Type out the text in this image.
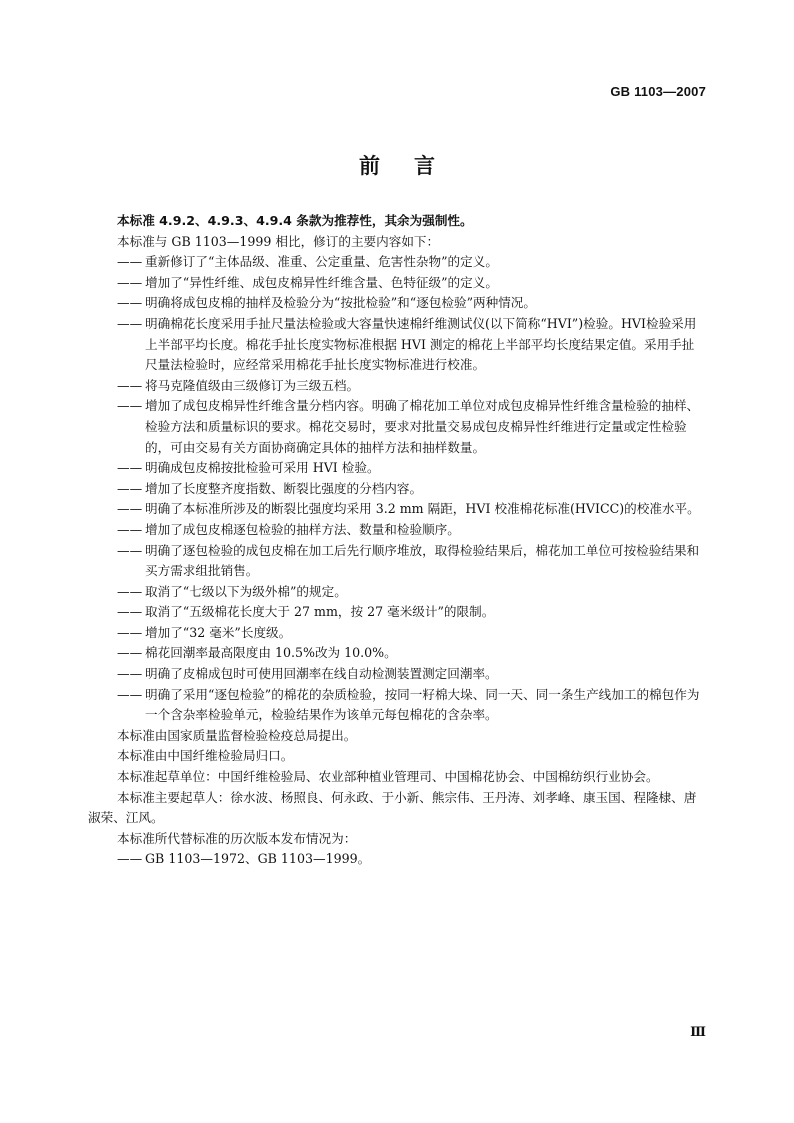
GB 1103—2007
前言

本标准 4.9.2、4.9.3、4.9.4 条款为推荐性，其余为强制性。

本标准与 GB 1103—1999 相比，修订的主要内容如下：

—— 重新修订了“主体品级、准重、公定重量、危害性杂物”的定义。

—— 增加了“异性纤维、成包皮棉异性纤维含量、色特征级”的定义。

—— 明确将成包皮棉的抽样及检验分为“按批检验”和“逐包检验”两种情况。

—— 明确棉花长度采用手扯尺量法检验或大容量快速棉纤维测试仪(以下简称“HVI”)检验。HVI检验采用上半部平均长度。棉花手扯长度实物标准根据 HVI 测定的棉花上半部平均长度结果定值。采用手扯尺量法检验时，应经常采用棉花手扯长度实物标准进行校准。

—— 将马克隆值级由三级修订为三级五档。

—— 增加了成包皮棉异性纤维含量分档内容。明确了棉花加工单位对成包皮棉异性纤维含量检验的抽样、检验方法和质量标识的要求。棉花交易时，要求对批量交易成包皮棉异性纤维进行定量或定性检验的，可由交易有关方面协商确定具体的抽样方法和抽样数量。

—— 明确成包皮棉按批检验可采用 HVI 检验。

—— 增加了长度整齐度指数、断裂比强度的分档内容。

—— 明确了本标准所涉及的断裂比强度均采用 3.2 mm 隔距，HVI 校准棉花标准(HVICC)的校准水平。

—— 增加了成包皮棉逐包检验的抽样方法、数量和检验顺序。

—— 明确了逐包检验的成包皮棉在加工后先行顺序堆放，取得检验结果后，棉花加工单位可按检验结果和买方需求组批销售。

—— 取消了“七级以下为级外棉”的规定。

—— 取消了“五级棉花长度大于 27 mm，按 27 毫米级计”的限制。

—— 增加了“32 毫米”长度级。

—— 棉花回潮率最高限度由 10.5%改为 10.0%。

—— 明确了皮棉成包时可使用回潮率在线自动检测装置测定回潮率。

—— 明确了采用“逐包检验”的棉花的杂质检验，按同一籽棉大垛、同一天、同一条生产线加工的棉包作为一个含杂率检验单元，检验结果作为该单元每包棉花的含杂率。

本标准由国家质量监督检验检疫总局提出。

本标准由中国纤维检验局归口。

本标准起草单位：中国纤维检验局、农业部种植业管理司、中国棉花协会、中国棉纺织行业协会。

本标准主要起草人：徐水波、杨照良、何永政、于小新、熊宗伟、王丹涛、刘孝峰、康玉国、程隆棣、唐淑荣、江风。

本标准所代替标准的历次版本发布情况为：

—— GB 1103—1972、GB 1103—1999。

Ⅲ
